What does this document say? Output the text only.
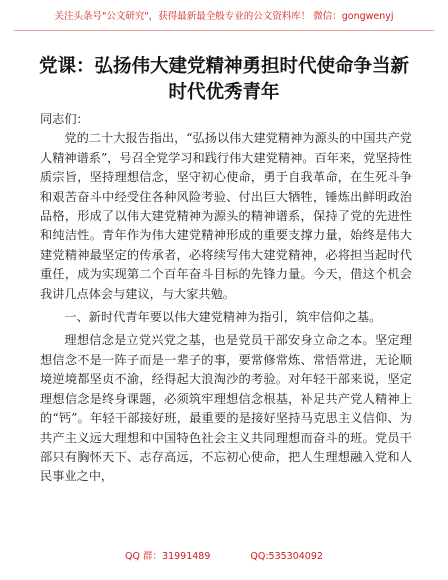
关注头条号"公文研究"，获得最新最全般专业的公文资料库！ 微信：gongwenyj
党课：弘扬伟大建党精神勇担时代使命争当新时代优秀青年

同志们：

党的二十大报告指出，“弘扬以伟大建党精神为源头的中国共产党人精神谱系”，号召全党学习和践行伟大建党精神。百年来，党坚持性质宗旨，坚持理想信念，坚守初心使命，勇于自我革命，在生死斗争和艰苦奋斗中经受住各种风险考验、付出巨大牺牲，锤炼出鲜明政治品格，形成了以伟大建党精神为源头的精神谱系，保持了党的先进性和纯洁性。青年作为伟大建党精神形成的重要支撑力量，始终是伟大建党精神最坚定的传承者，必将续写伟大建党精神，必将担当起时代重任，成为实现第二个百年奋斗目标的先锋力量。今天，借这个机会我讲几点体会与建议，与大家共勉。

一、新时代青年要以伟大建党精神为指引，筑牢信仰之基。

理想信念是立党兴党之基，也是党员干部安身立命之本。坚定理想信念不是一阵子而是一辈子的事，要常修常炼、常悟常进，无论顺境逆境都坚贞不渝，经得起大浪淘沙的考验。对年轻干部来说，坚定理想信念是终身课题，必须筑牢理想信念根基，补足共产党人精神上的“钙”。年轻干部接好班，最重要的是接好坚持马克思主义信仰、为共产主义远大理想和中国特色社会主义共同理想而奋斗的班。党员干部只有胸怀天下、志存高远，不忘初心使命，把人生理想融入党和人民事业之中，

QQ 群：31991489	QQ:535304092
